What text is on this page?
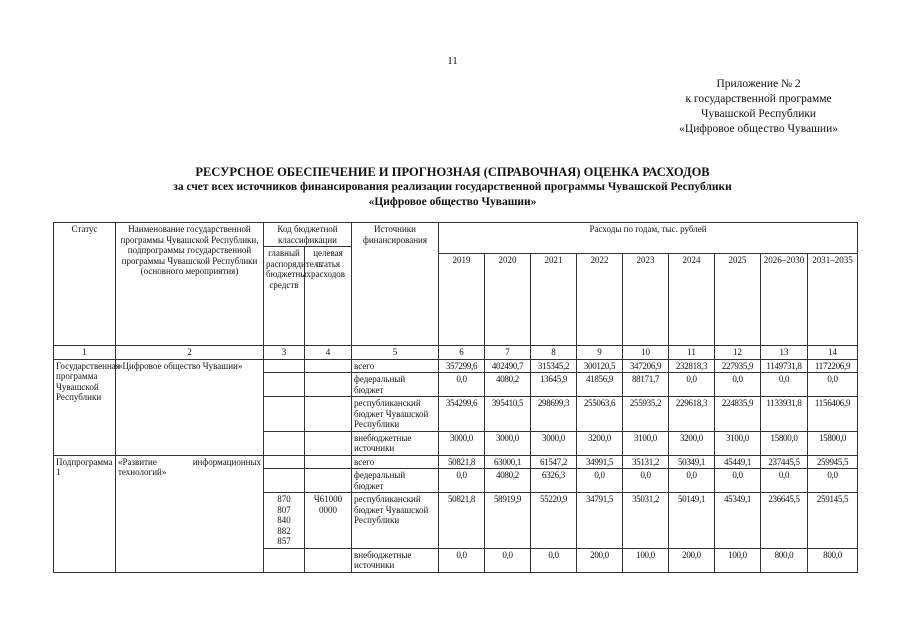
11
Приложение № 2
к государственной программе
Чувашской Республики
«Цифровое общество Чувашии»
РЕСУРСНОЕ ОБЕСПЕЧЕНИЕ И ПРОГНОЗНАЯ (СПРАВОЧНАЯ) ОЦЕНКА РАСХОДОВ
за счет всех источников финансирования реализации государственной программы Чувашской Республики
«Цифровое общество Чувашии»
Статус	Наименование государственной программы Чувашской Республики, подпрограммы государственной программы Чувашской Республики (основного мероприятия)	Код бюджетной классификации		Источники финансирования	Расходы по годам, тыс. рублей								
		главный распорядитель бюджетных средств	целевая статья расходов										
					2019	2020	2021	2022	2023	2024	2025	2026–2030	2031–2035
1	2	3	4	5	6	7	8	9	10	11	12	13	14
Государственная программа Чувашской Республики	«Цифровое общество Чувашии»			всего	357299,6	402490,7	315345,2	300120,5	347206,9	232818,3	227935,9	1149731,8	1172206,9
				федеральный бюджет	0,0	4080,2	13645,9	41856,9	88171,7	0,0	0,0	0,0	0,0
				республиканский бюджет Чувашской Республики	354299,6	395410,5	298699,3	255063,6	255935,2	229618,3	224835,9	1133931,8	1156406,9
				внебюджетные источники	3000,0	3000,0	3000,0	3200,0	3100,0	3200,0	3100,0	15800,0	15800,0
Подпрограмма 1	«Развитие информационных технологий»			всего	50821,8	63000,1	61547,2	34991,5	35131,2	50349,1	45449,1	237445,5	259945,5
				федеральный бюджет	0,0	4080,2	6326,3	0,0	0,0	0,0	0,0	0,0	0,0
		870
807
840
882
857	Ч61000 0000	республиканский бюджет Чувашской Республики	50821,8	58919,9	55220,9	34791,5	35031,2	50149,1	45349,1	236645,5	259145,5
				внебюджетные источники	0,0	0,0	0,0	200,0	100,0	200,0	100,0	800,0	800,0
